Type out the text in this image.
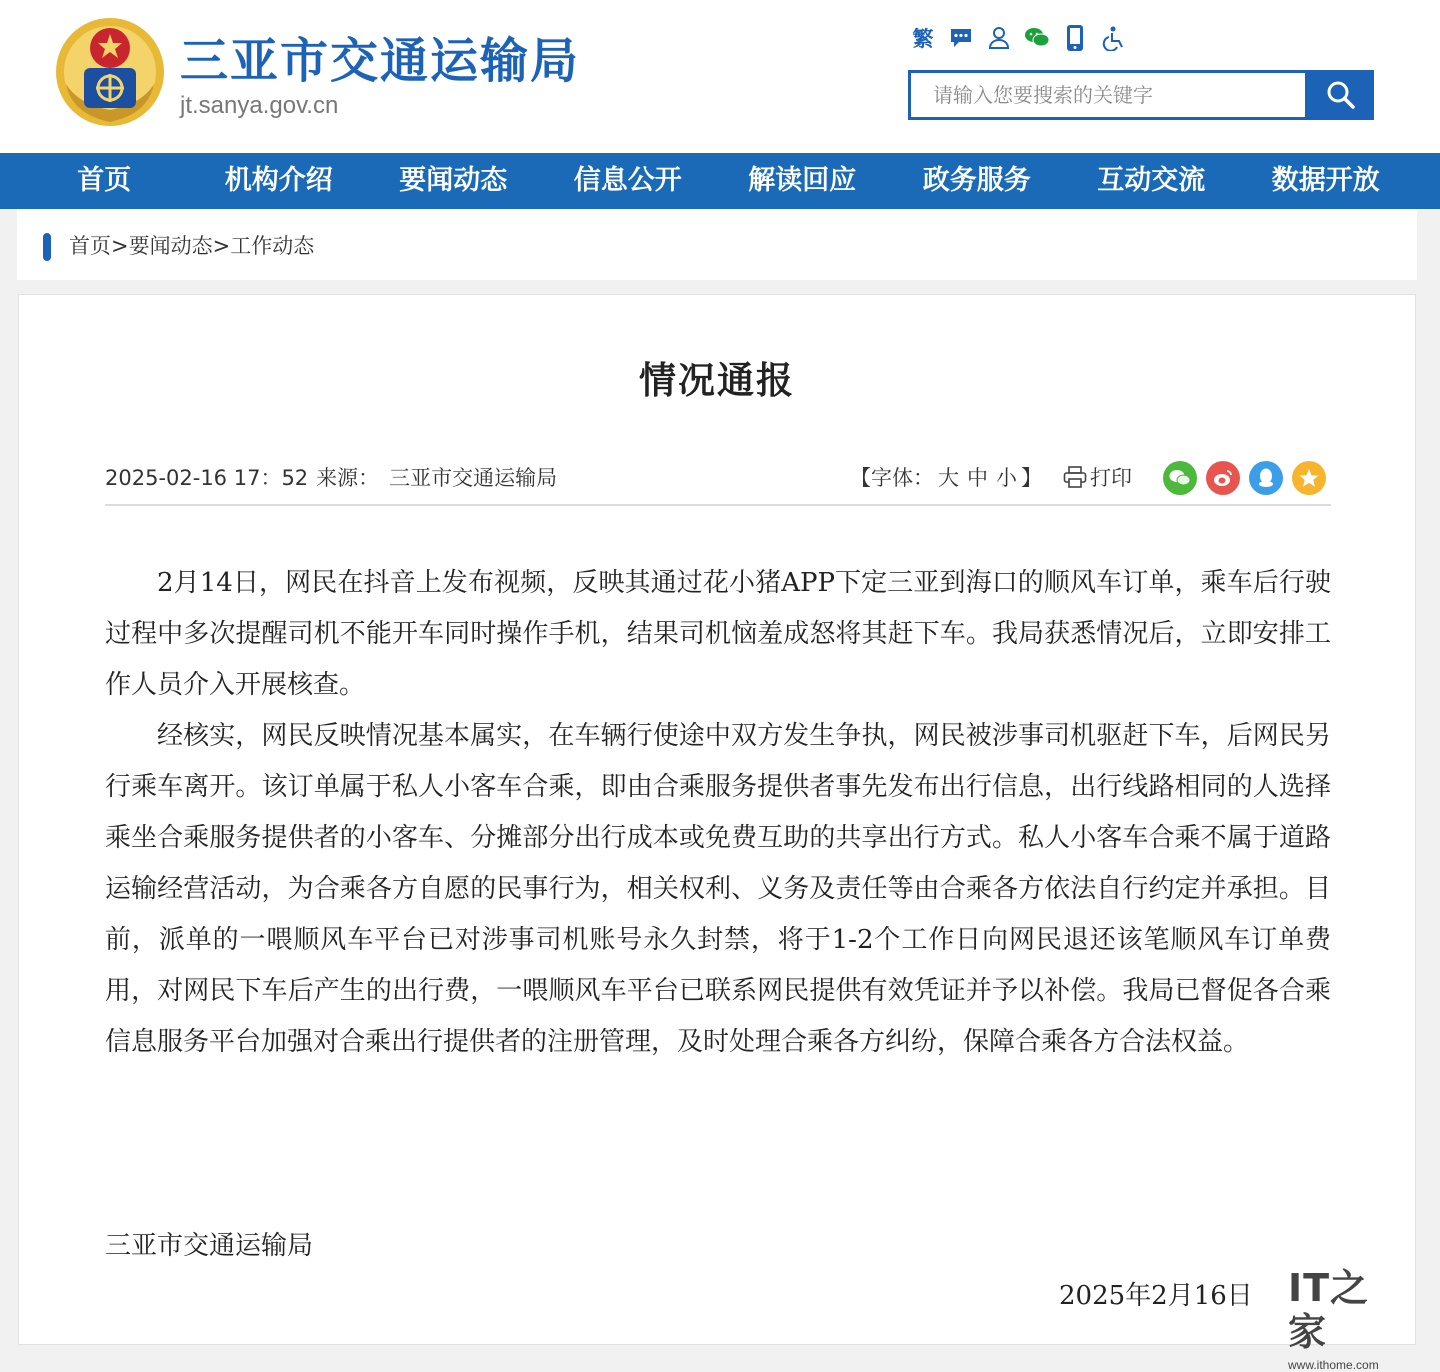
三亚市交通运输局
jt.sanya.gov.cn
繁
请输入您要搜索的关键字
首页	机构介绍	要闻动态	信息公开	解读回应	政务服务	互动交流	数据开放
首页>要闻动态>工作动态
情况通报
2025-02-16 17：52 来源： 三亚市交通运输局	【字体： 大 中 小 】 打印

2月14日，网民在抖音上发布视频，反映其通过花小猪APP下定三亚到海口的顺风车订单，乘车后行驶过程中多次提醒司机不能开车同时操作手机，结果司机恼羞成怒将其赶下车。我局获悉情况后，立即安排工作人员介入开展核查。

经核实，网民反映情况基本属实，在车辆行使途中双方发生争执，网民被涉事司机驱赶下车，后网民另行乘车离开。该订单属于私人小客车合乘，即由合乘服务提供者事先发布出行信息，出行线路相同的人选择乘坐合乘服务提供者的小客车、分摊部分出行成本或免费互助的共享出行方式。私人小客车合乘不属于道路运输经营活动，为合乘各方自愿的民事行为，相关权利、义务及责任等由合乘各方依法自行约定并承担。目前，派单的一喂顺风车平台已对涉事司机账号永久封禁，将于1-2个工作日向网民退还该笔顺风车订单费用，对网民下车后产生的出行费，一喂顺风车平台已联系网民提供有效凭证并予以补偿。我局已督促各合乘信息服务平台加强对合乘出行提供者的注册管理，及时处理合乘各方纠纷，保障合乘各方合法权益。

三亚市交通运输局
2025年2月16日 IT之家
www.ithome.com
